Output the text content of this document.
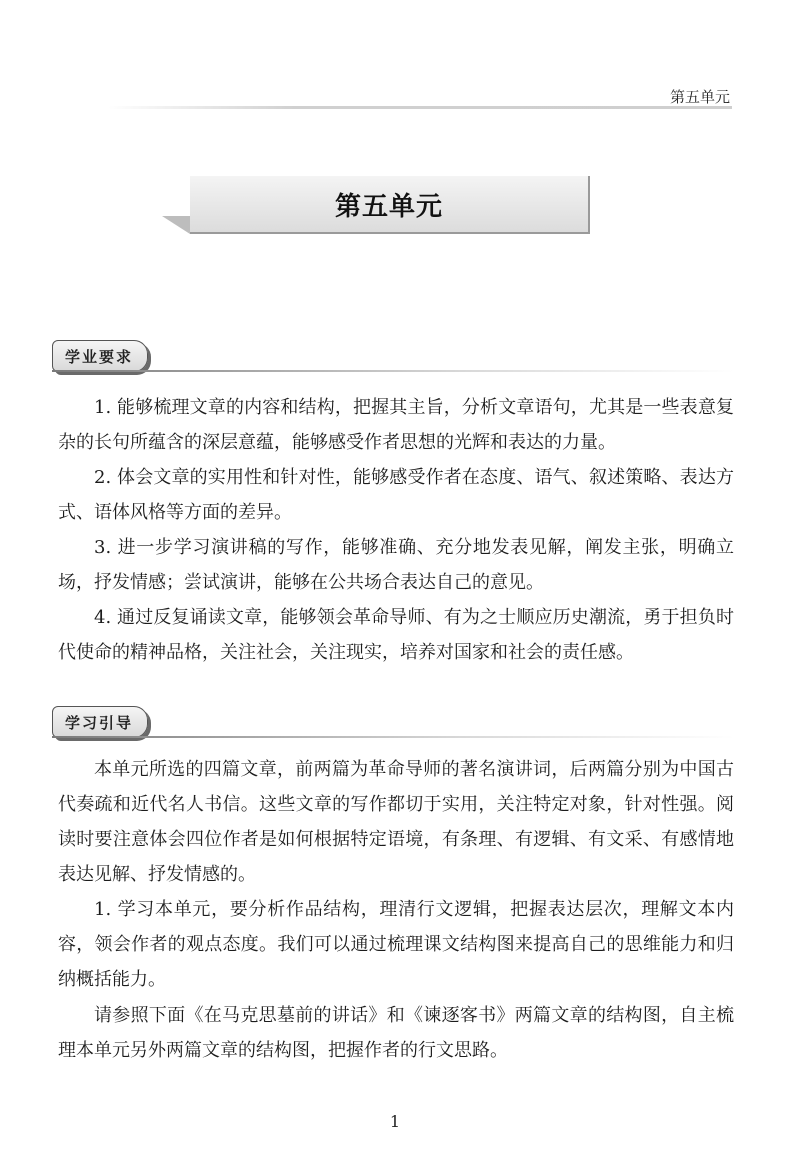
第五单元
第五单元
学业要求

1. 能够梳理文章的内容和结构，把握其主旨，分析文章语句，尤其是一些表意复杂的长句所蕴含的深层意蕴，能够感受作者思想的光辉和表达的力量。

2. 体会文章的实用性和针对性，能够感受作者在态度、语气、叙述策略、表达方式、语体风格等方面的差异。

3. 进一步学习演讲稿的写作，能够准确、充分地发表见解，阐发主张，明确立场，抒发情感；尝试演讲，能够在公共场合表达自己的意见。

4. 通过反复诵读文章，能够领会革命导师、有为之士顺应历史潮流，勇于担负时代使命的精神品格，关注社会，关注现实，培养对国家和社会的责任感。

学习引导

本单元所选的四篇文章，前两篇为革命导师的著名演讲词，后两篇分别为中国古代奏疏和近代名人书信。这些文章的写作都切于实用，关注特定对象，针对性强。阅读时要注意体会四位作者是如何根据特定语境，有条理、有逻辑、有文采、有感情地表达见解、抒发情感的。

1. 学习本单元，要分析作品结构，理清行文逻辑，把握表达层次，理解文本内容，领会作者的观点态度。我们可以通过梳理课文结构图来提高自己的思维能力和归纳概括能力。

请参照下面《在马克思墓前的讲话》和《谏逐客书》两篇文章的结构图，自主梳理本单元另外两篇文章的结构图，把握作者的行文思路。

1
